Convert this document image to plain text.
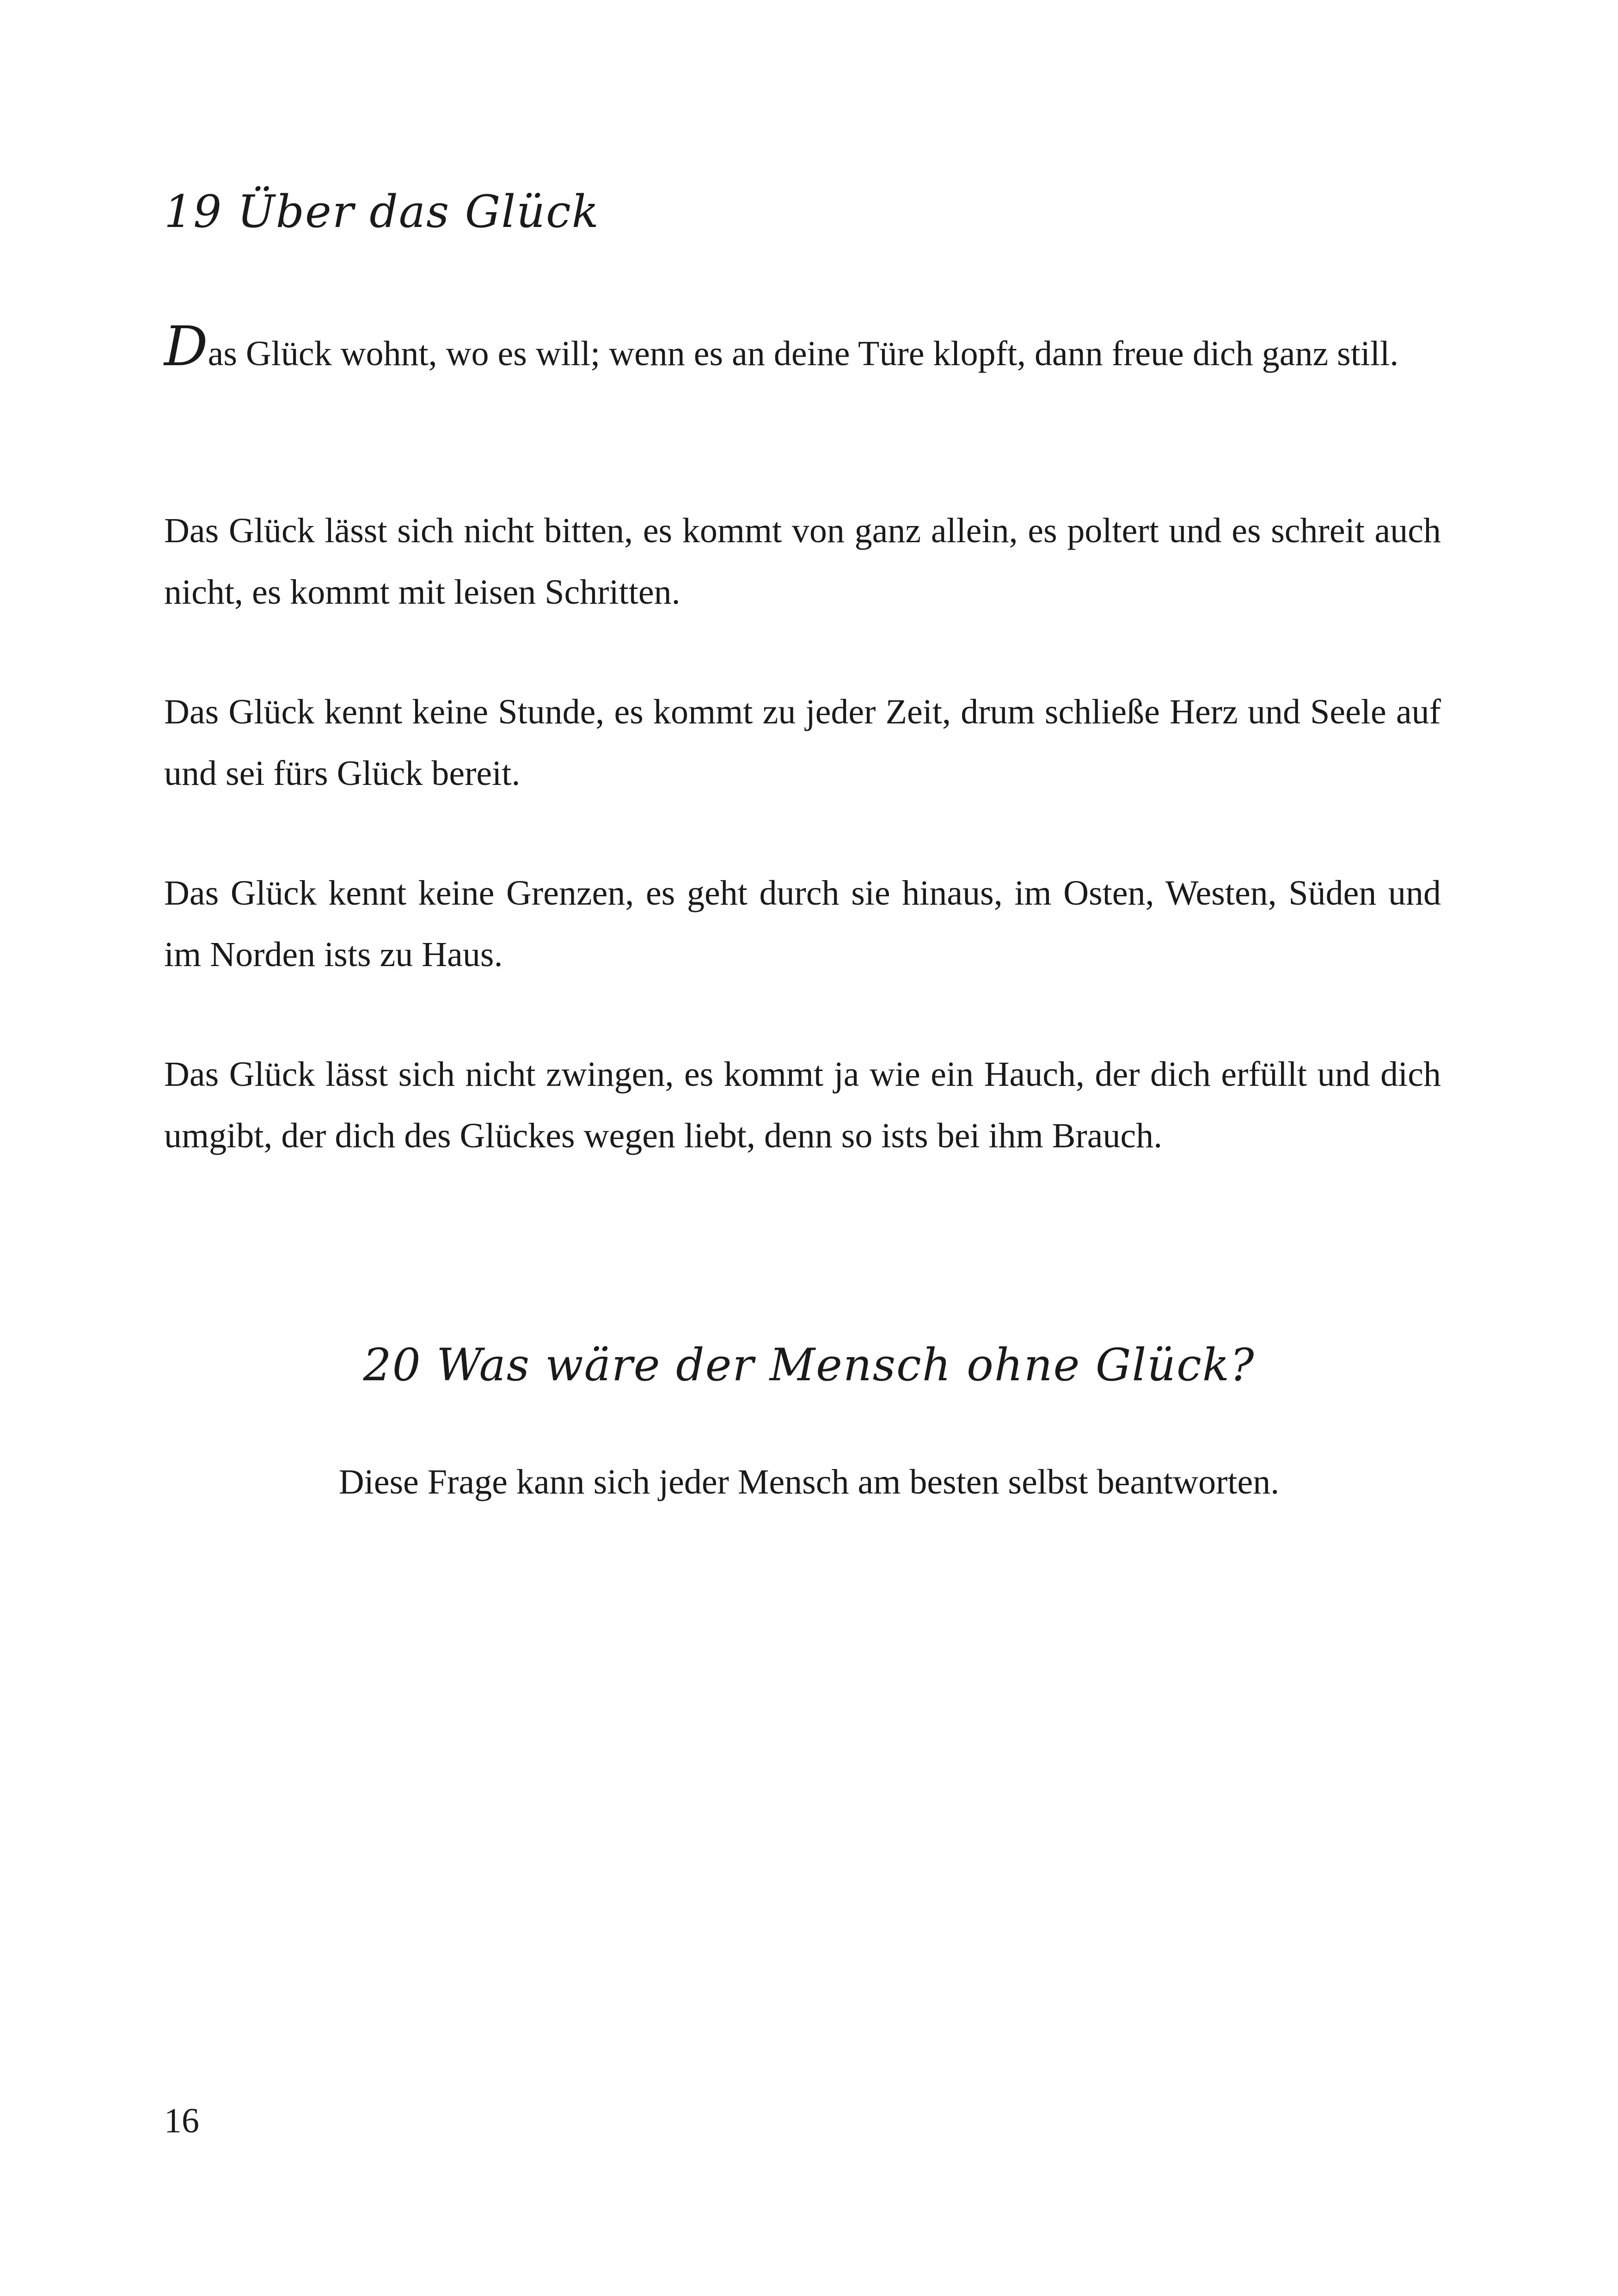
19 Über das Glück

Das Glück wohnt, wo es will; wenn es an deine Türe klopft, dann freue dich ganz still.

Das Glück lässt sich nicht bitten, es kommt von ganz allein, es poltert und es schreit auch nicht, es kommt mit leisen Schritten.

Das Glück kennt keine Stunde, es kommt zu jeder Zeit, drum schließe Herz und Seele auf und sei fürs Glück bereit.

Das Glück kennt keine Grenzen, es geht durch sie hinaus, im Osten, Westen, Süden und im Norden ists zu Haus.

Das Glück lässt sich nicht zwingen, es kommt ja wie ein Hauch, der dich erfüllt und dich umgibt, der dich des Glückes wegen liebt, denn so ists bei ihm Brauch.

20 Was wäre der Mensch ohne Glück?

Diese Frage kann sich jeder Mensch am besten selbst beantworten.

16
